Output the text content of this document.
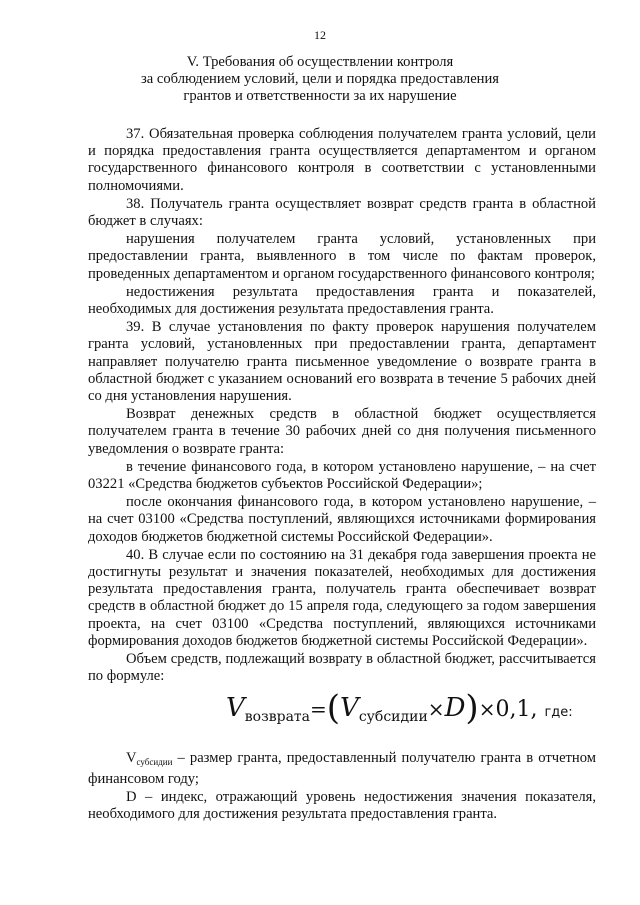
12
V. Требования об осуществлении контроля
за соблюдением условий, цели и порядка предоставления
грантов и ответственности за их нарушение

37. Обязательная проверка соблюдения получателем гранта условий, цели и порядка предоставления гранта осуществляется департаментом и органом государственного финансового контроля в соответствии с установленными полномочиями.

38. Получатель гранта осуществляет возврат средств гранта в областной бюджет в случаях:

нарушения получателем гранта условий, установленных при предоставлении гранта, выявленного в том числе по фактам проверок, проведенных департаментом и органом государственного финансового контроля;

недостижения результата предоставления гранта и показателей, необходимых для достижения результата предоставления гранта.

39. В случае установления по факту проверок нарушения получателем гранта условий, установленных при предоставлении гранта, департамент направляет получателю гранта письменное уведомление о возврате гранта в областной бюджет с указанием оснований его возврата в течение 5 рабочих дней со дня установления нарушения.

Возврат денежных средств в областной бюджет осуществляется получателем гранта в течение 30 рабочих дней со дня получения письменного уведомления о возврате гранта:

в течение финансового года, в котором установлено нарушение, – на счет 03221 «Средства бюджетов субъектов Российской Федерации»;

после окончания финансового года, в котором установлено нарушение, – на счет 03100 «Средства поступлений, являющихся источниками формирования доходов бюджетов бюджетной системы Российской Федерации».

40. В случае если по состоянию на 31 декабря года завершения проекта не достигнуты результат и значения показателей, необходимых для достижения результата предоставления гранта, получатель гранта обеспечивает возврат средств в областной бюджет до 15 апреля года, следующего за годом завершения проекта, на счет 03100 «Средства поступлений, являющихся источниками формирования доходов бюджетов бюджетной системы Российской Федерации».

Объем средств, подлежащий возврату в областной бюджет, рассчитывается по формуле:

$V_{возврата}=(V_{субсидии}\times D)\times 0,1$, где:

$V_{субсидии}$ – размер гранта, предоставленный получателю гранта в отчетном финансовом году;

D – индекс, отражающий уровень недостижения значения показателя, необходимого для достижения результата предоставления гранта.
